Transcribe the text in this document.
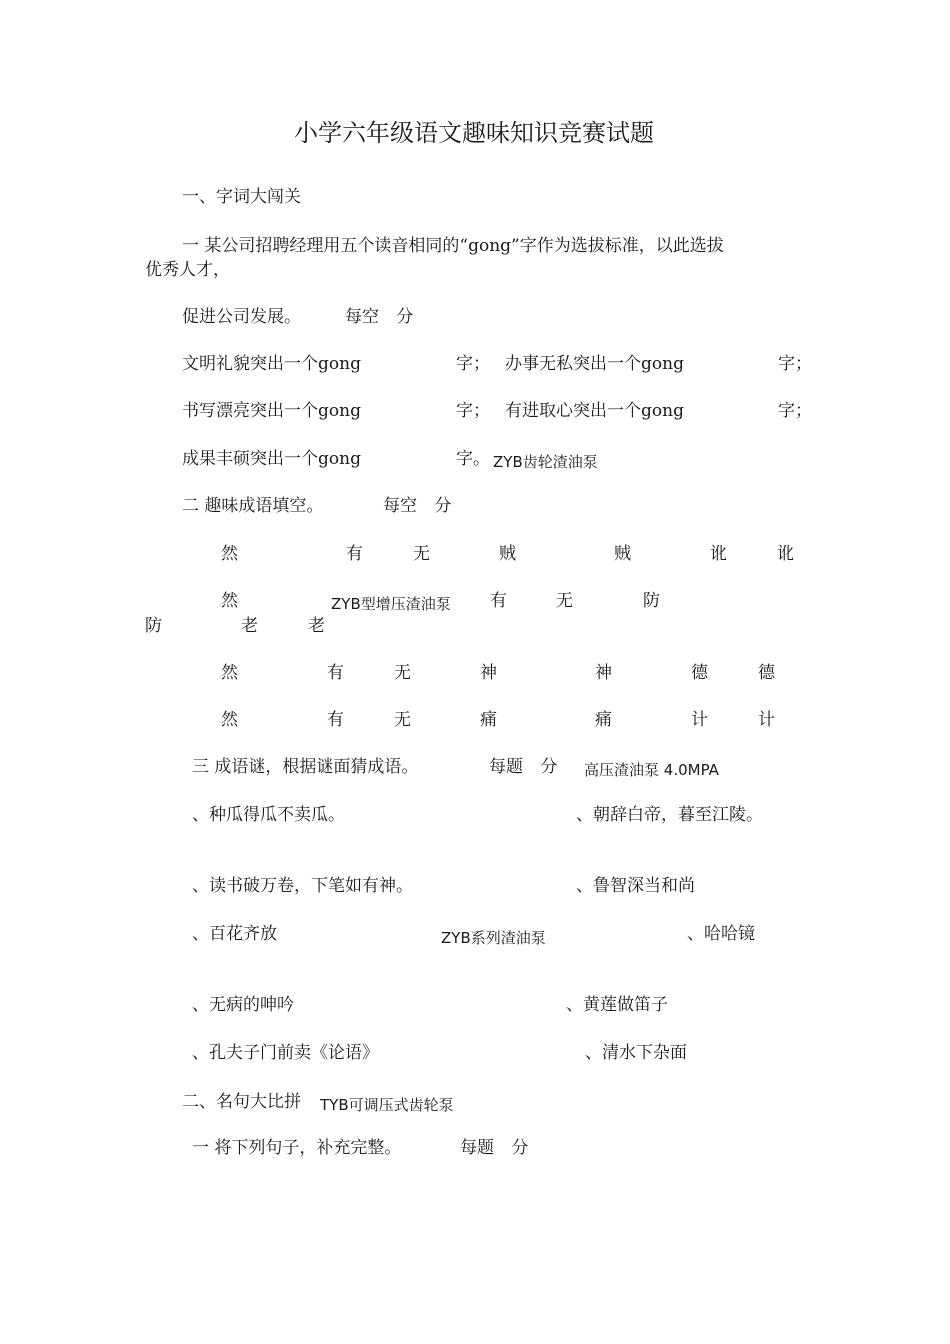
小学六年级语文趣味知识竞赛试题
一、字词大闯关
一 某公司招聘经理用五个读音相同的“gong”字作为选拔标准，以此选拔
优秀人才，
促进公司发展。	每空 分
文明礼貌突出一个gong	字； 办事无私突出一个gong	字；
书写漂亮突出一个gong	字； 有进取心突出一个gong	字；
成果丰硕突出一个gong	字。 ZYB齿轮渣油泵
二 趣味成语填空。	每空 分
然	有	无	贼	贼	讹	讹
然	ZYB型增压渣油泵 有	无	防
防	老	老
然	有	无	神	神	德	德
然	有	无	痛	痛	计	计
三 成语谜，根据谜面猜成语。	每题 分 高压渣油泵 4.0MPA
、种瓜得瓜不卖瓜。	、朝辞白帝，暮至江陵。
、读书破万卷，下笔如有神。	、鲁智深当和尚
、百花齐放	ZYB系列渣油泵	、哈哈镜
、无病的呻吟	、黄莲做笛子
、孔夫子门前卖《论语》	、清水下杂面
二、名句大比拼 TYB可调压式齿轮泵
一 将下列句子，补充完整。	每题 分
